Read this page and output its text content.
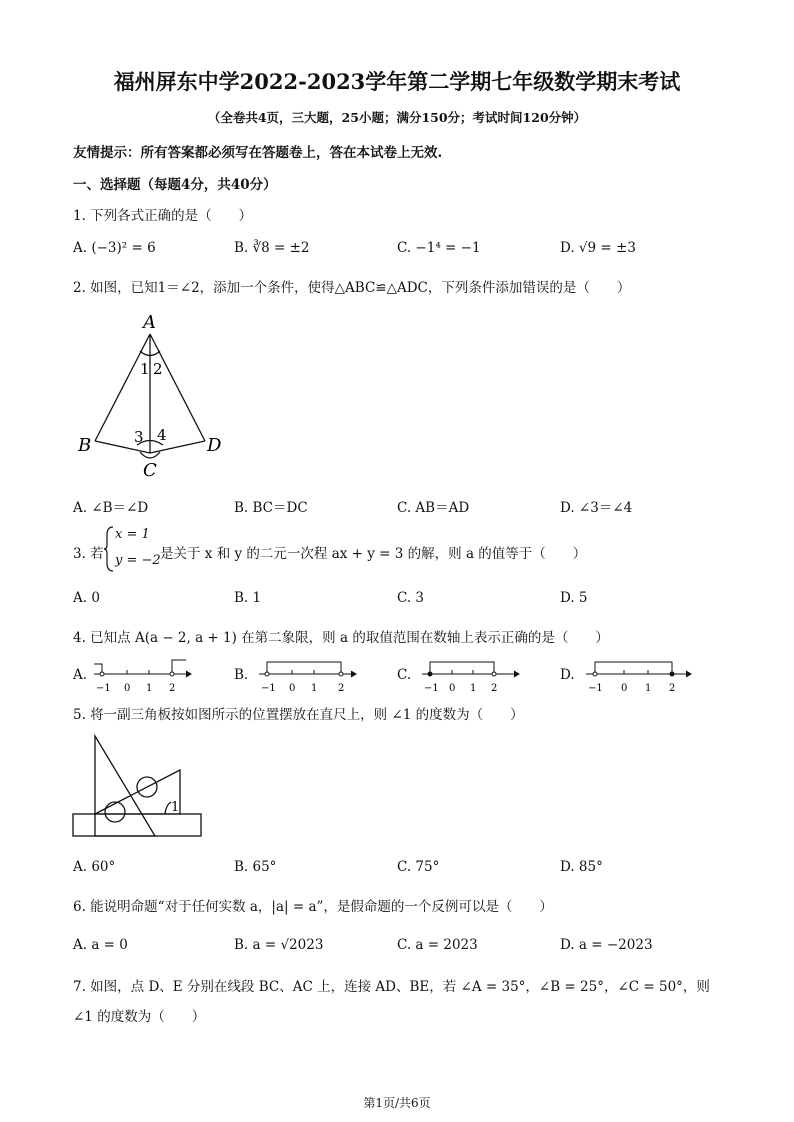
福州屏东中学2022-2023学年第二学期七年级数学期末考试
（全卷共4页，三大题，25小题；满分150分；考试时间120分钟）
友情提示：所有答案都必须写在答题卷上，答在本试卷上无效.
一、选择题（每题4分，共40分）
1. 下列各式正确的是（　　）
A. (−3)² = 6	B. ∛8 = ±2	C. −1⁴ = −1	D. √9 = ±3
2. 如图，已知1＝∠2，添加一个条件，使得△ABC≌△ADC，下列条件添加错误的是（　　）
A
B
C
D
1 2
3 4
A. ∠B＝∠D	B. BC＝DC	C. AB＝AD	D. ∠3＝∠4
3. 若
x = 1
y = −2 是关于 x 和 y 的二元一次程 ax + y = 3 的解，则 a 的值等于（　　）
A. 0	B. 1	C. 3	D. 5
4. 已知点 A(a − 2, a + 1) 在第二象限，则 a 的取值范围在数轴上表示正确的是（　　）
A.	B.	C.	D.
−1 0 1 2	−1 0 1 2	−1 0 1 2	−1 0 1 2
5. 将一副三角板按如图所示的位置摆放在直尺上，则 ∠1 的度数为（　　）
1
A. 60°	B. 65°	C. 75°	D. 85°
6. 能说明命题“对于任何实数 a，|a| = a”，是假命题的一个反例可以是（　　）
A. a = 0	B. a = √2023	C. a = 2023	D. a = −2023
7. 如图，点 D、E 分别在线段 BC、AC 上，连接 AD、BE，若 ∠A = 35°，∠B = 25°，∠C = 50°，则
∠1 的度数为（　　）
第1页/共6页
